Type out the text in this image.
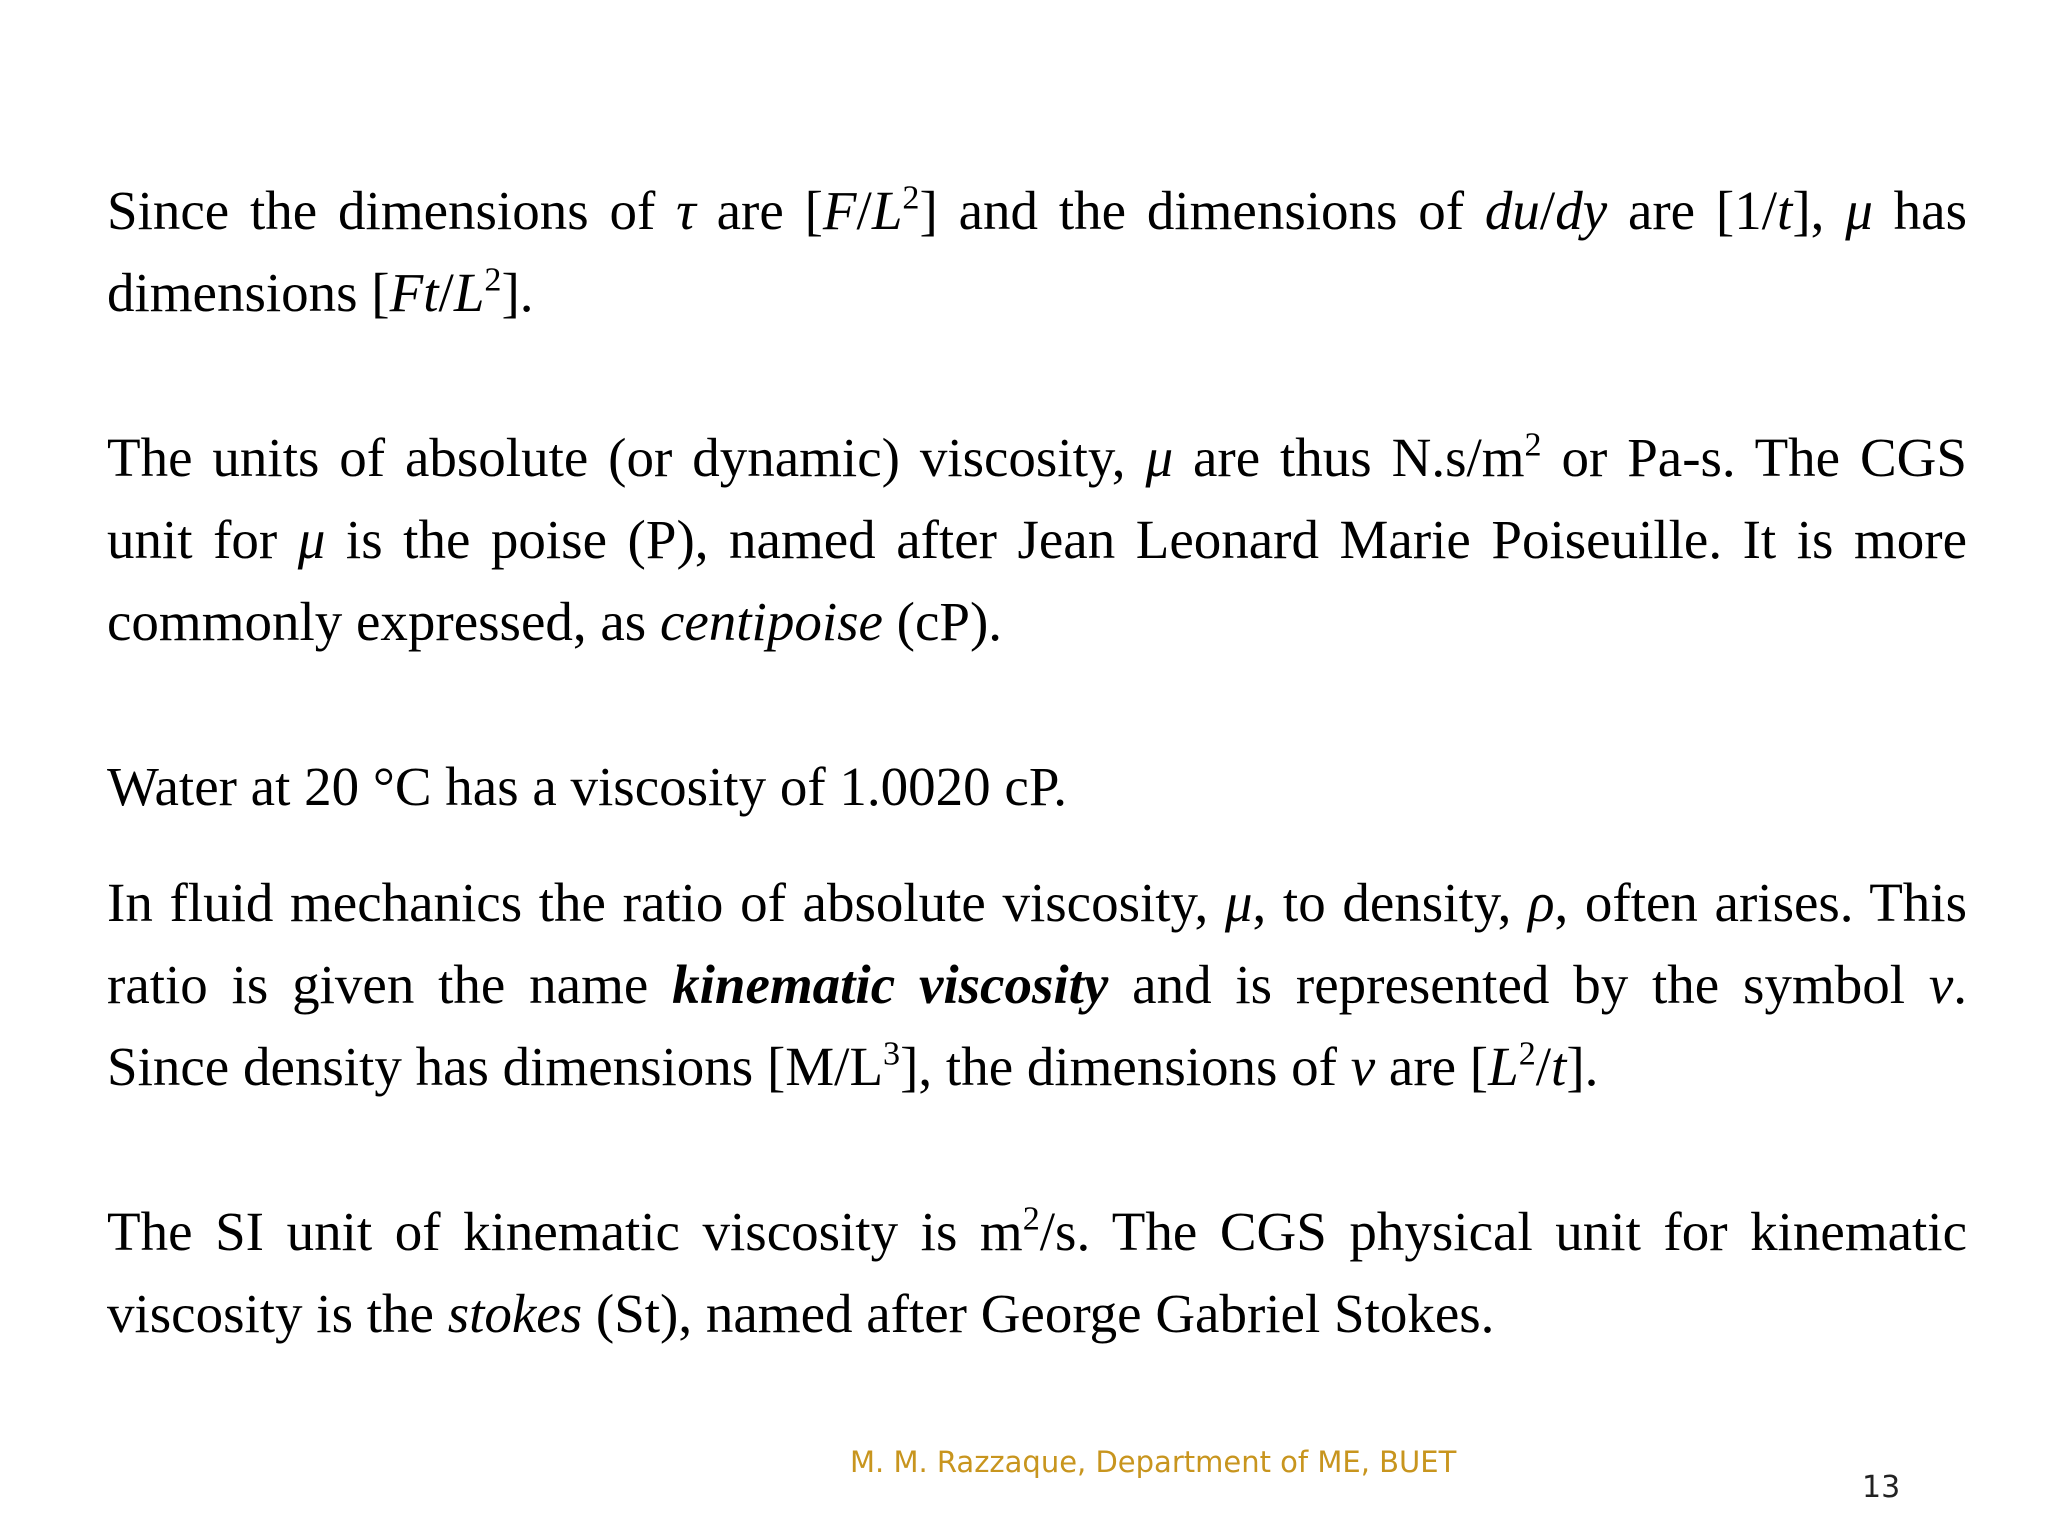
Since the dimensions of τ are $[F/L^2]$ and the dimensions of du/dy are [1/t], μ has dimensions $[Ft/L^2]$.

The units of absolute (or dynamic) viscosity, μ are thus $N.s/m^2$ or Pa-s. The CGS unit for μ is the poise (P), named after Jean Leonard Marie Poiseuille. It is more commonly expressed, as centipoise (cP).

Water at 20 °C has a viscosity of 1.0020 cP.

In fluid mechanics the ratio of absolute viscosity, μ, to density, ρ, often arises. This ratio is given the name kinematic viscosity and is represented by the symbol ν. Since density has dimensions $[M/L^3]$, the dimensions of ν are $[L^2/t]$.

The SI unit of kinematic viscosity is $m^2/s$. The CGS physical unit for kinematic viscosity is the stokes (St), named after George Gabriel Stokes.

M. M. Razzaque, Department of ME, BUET
13
